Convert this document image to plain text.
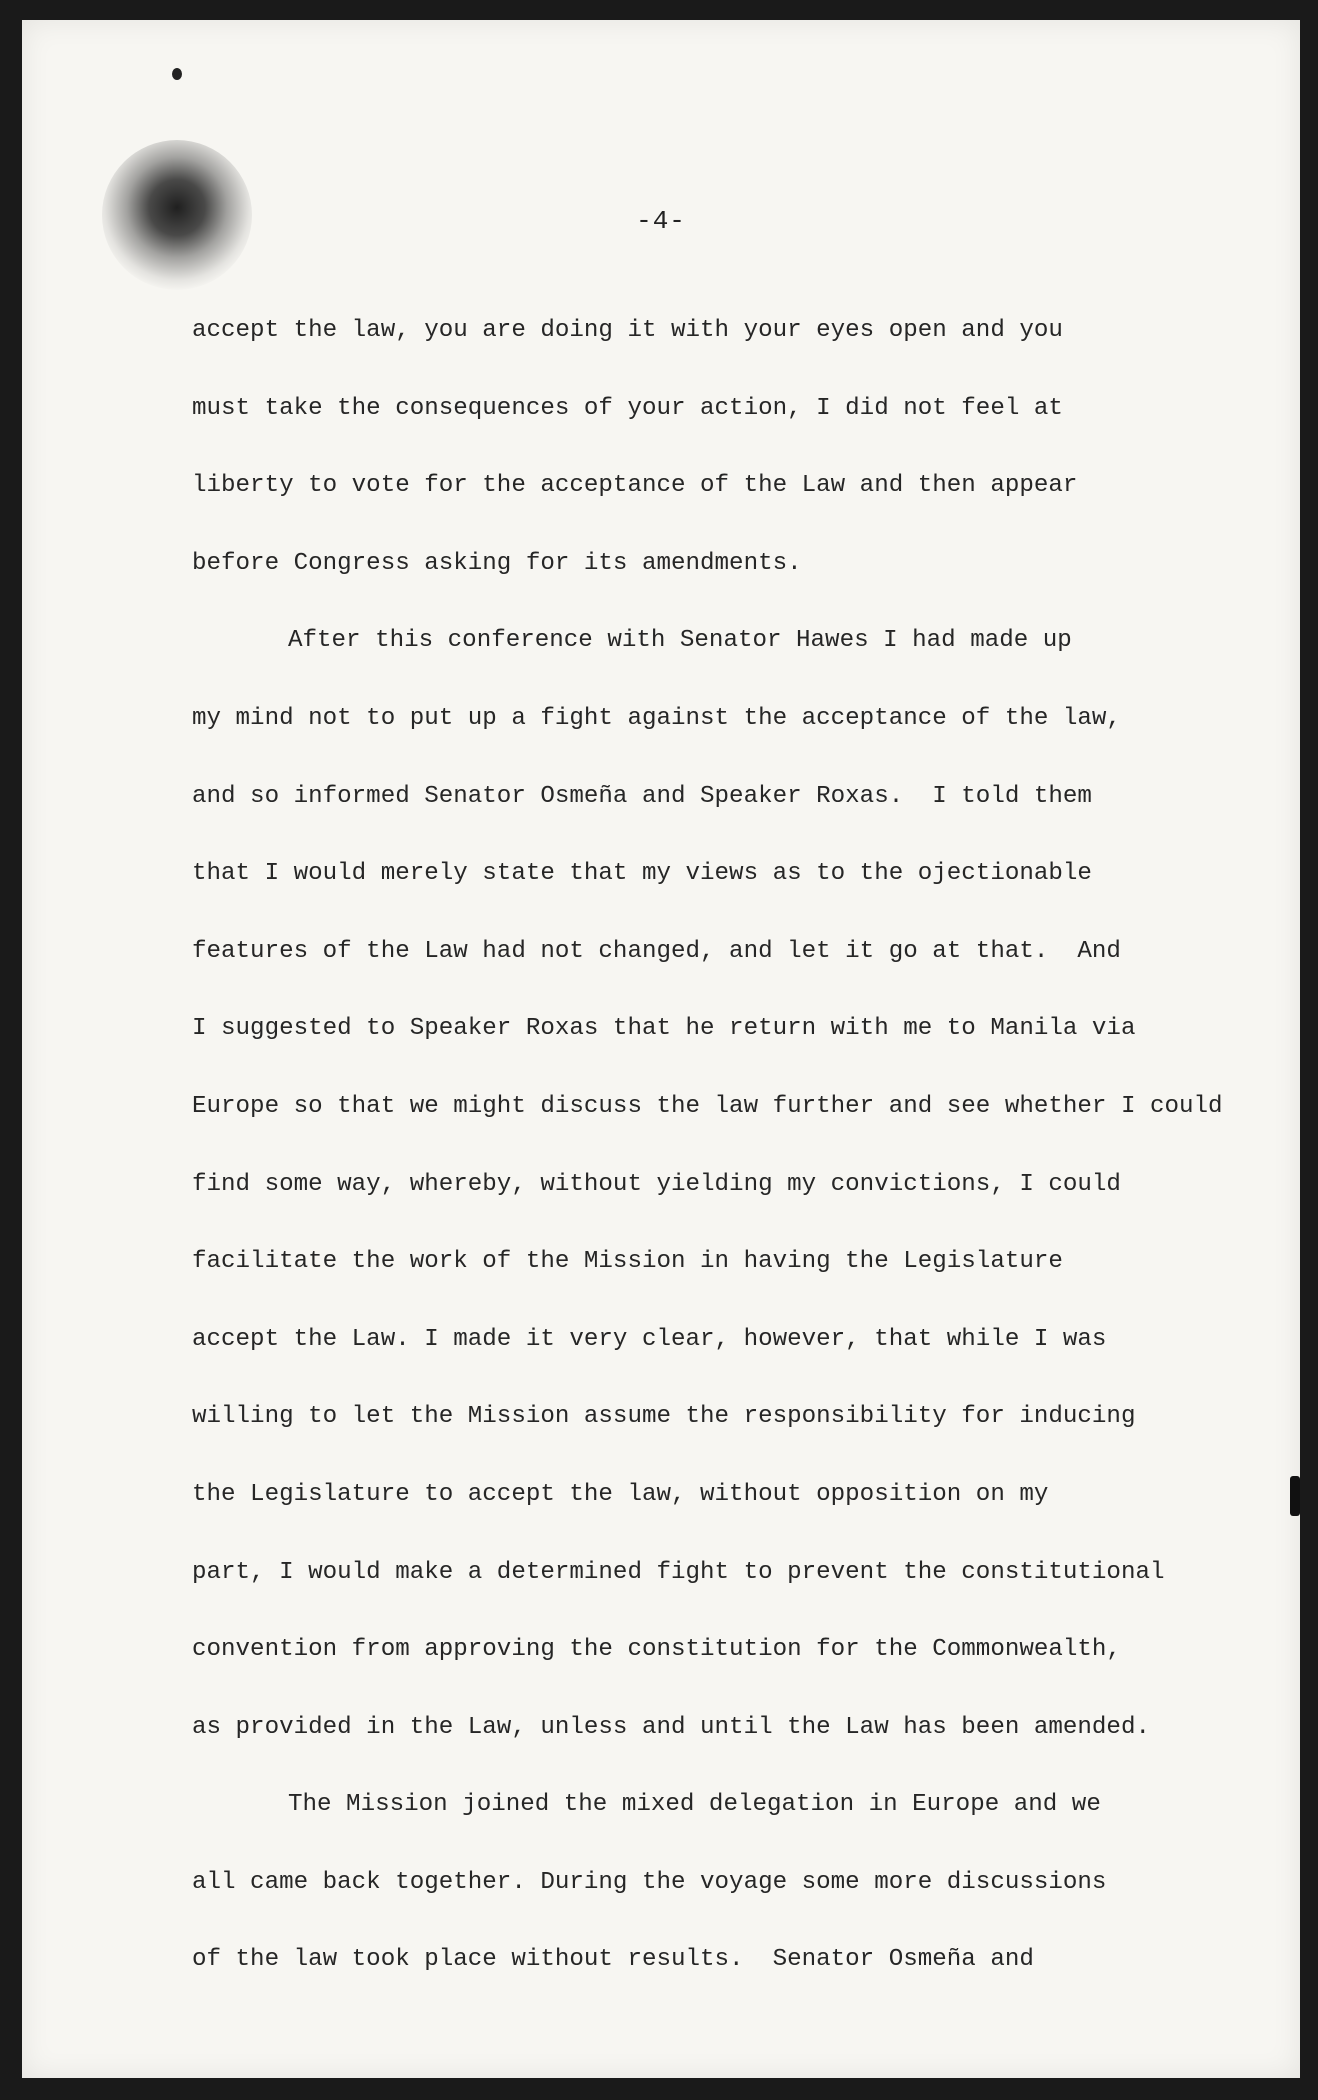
-4-
accept the law, you are doing it with your eyes open and you
must take the consequences of your action, I did not feel at
liberty to vote for the acceptance of the Law and then appear
before Congress asking for its amendments.
After this conference with Senator Hawes I had made up
my mind not to put up a fight against the acceptance of the law,
and so informed Senator Osmeña and Speaker Roxas.  I told them
that I would merely state that my views as to the ojectionable
features of the Law had not changed, and let it go at that.  And
I suggested to Speaker Roxas that he return with me to Manila via
Europe so that we might discuss the law further and see whether I could
find some way, whereby, without yielding my convictions, I could
facilitate the work of the Mission in having the Legislature
accept the Law. I made it very clear, however, that while I was
willing to let the Mission assume the responsibility for inducing
the Legislature to accept the law, without opposition on my
part, I would make a determined fight to prevent the constitutional
convention from approving the constitution for the Commonwealth,
as provided in the Law, unless and until the Law has been amended.
The Mission joined the mixed delegation in Europe and we
all came back together. During the voyage some more discussions
of the law took place without results.  Senator Osmeña and
